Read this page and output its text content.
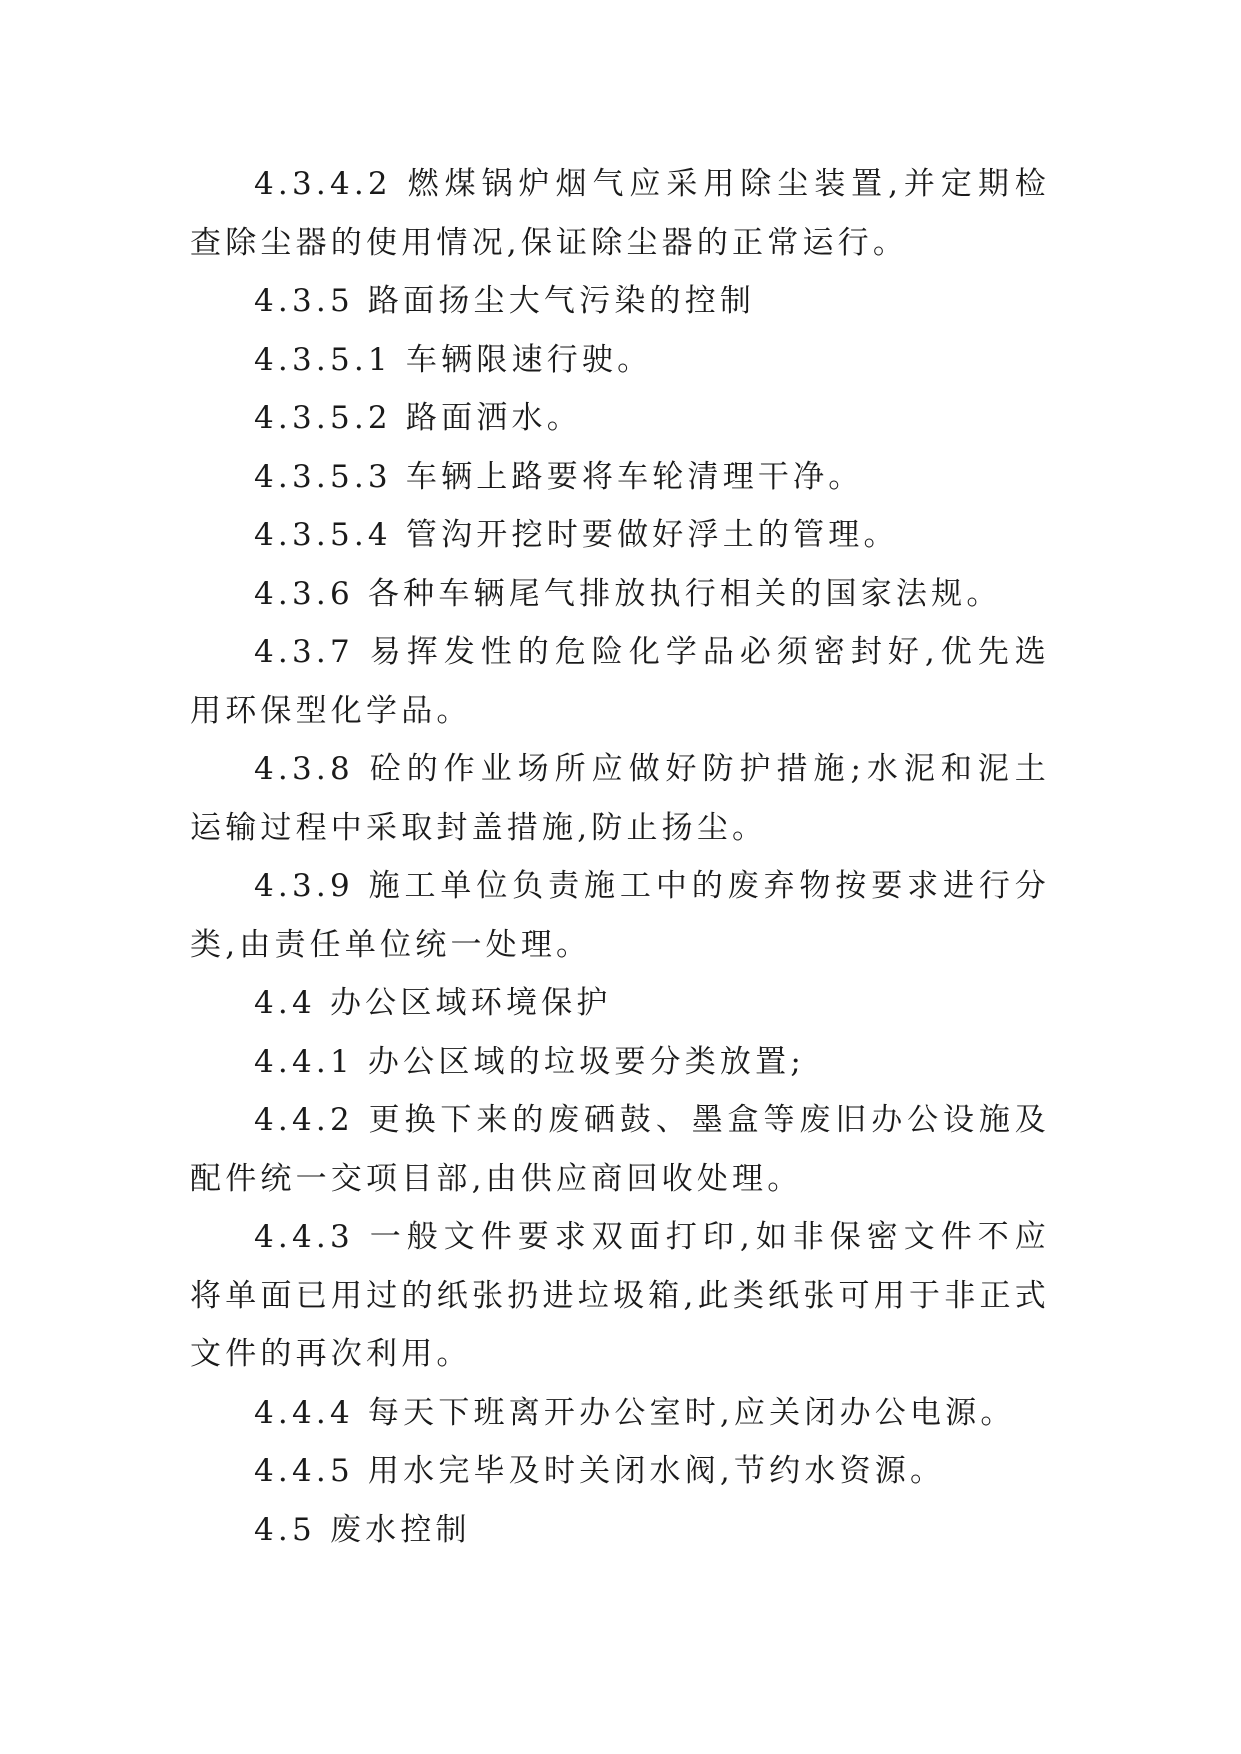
4.3.4.2 燃煤锅炉烟气应采用除尘装置,并定期检查除尘器的使用情况,保证除尘器的正常运行。

4.3.5 路面扬尘大气污染的控制

4.3.5.1 车辆限速行驶。

4.3.5.2 路面洒水。

4.3.5.3 车辆上路要将车轮清理干净。

4.3.5.4 管沟开挖时要做好浮土的管理。

4.3.6 各种车辆尾气排放执行相关的国家法规。

4.3.7 易挥发性的危险化学品必须密封好,优先选用环保型化学品。

4.3.8 砼的作业场所应做好防护措施;水泥和泥土运输过程中采取封盖措施,防止扬尘。

4.3.9 施工单位负责施工中的废弃物按要求进行分类,由责任单位统一处理。

4.4 办公区域环境保护

4.4.1 办公区域的垃圾要分类放置;

4.4.2 更换下来的废硒鼓、墨盒等废旧办公设施及配件统一交项目部,由供应商回收处理。

4.4.3 一般文件要求双面打印,如非保密文件不应将单面已用过的纸张扔进垃圾箱,此类纸张可用于非正式文件的再次利用。

4.4.4 每天下班离开办公室时,应关闭办公电源。

4.4.5 用水完毕及时关闭水阀,节约水资源。

4.5 废水控制
